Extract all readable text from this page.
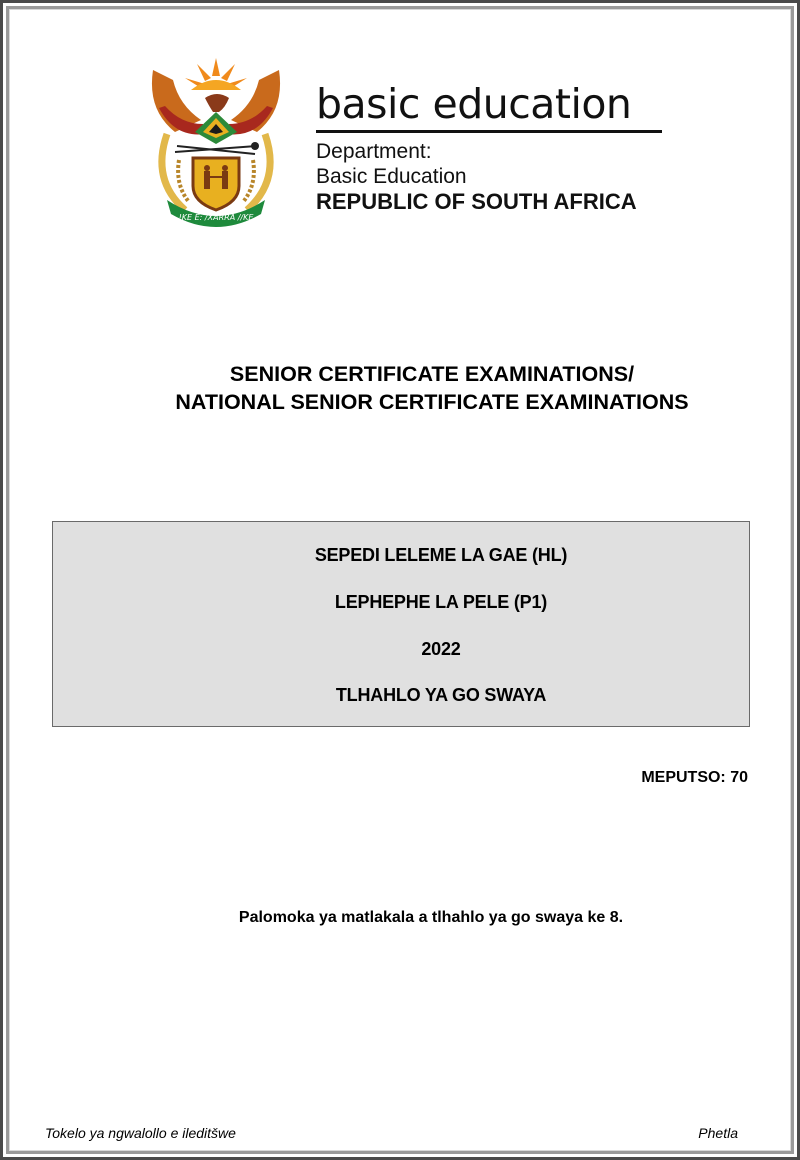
!KE E: /XARRA //KE
basic education
Department:
Basic Education
REPUBLIC OF SOUTH AFRICA
SENIOR CERTIFICATE EXAMINATIONS/
NATIONAL SENIOR CERTIFICATE EXAMINATIONS
SEPEDI LELEME LA GAE (HL)
LEPHEPHE LA PELE (P1)
2022
TLHAHLO YA GO SWAYA
MEPUTSO: 70
Palomoka ya matlakala a tlhahlo ya go swaya ke 8.
Tokelo ya ngwalollo e ileditšwe	Phetla
